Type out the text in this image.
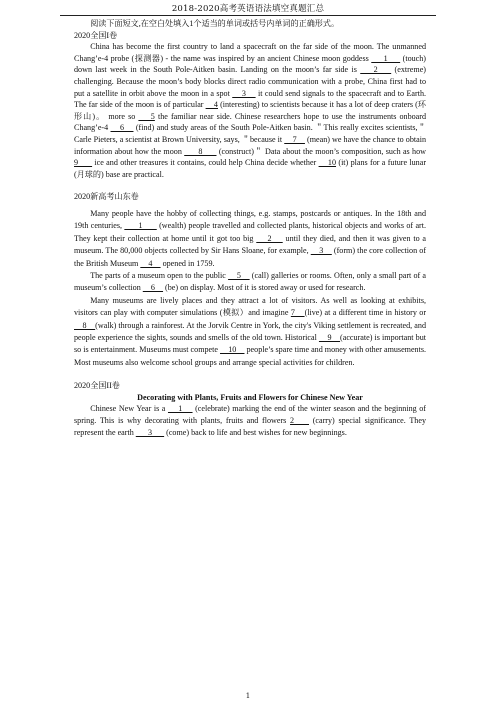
2018-2020高考英语语法填空真题汇总

阅读下面短文,在空白处填入1个适当的单词或括号内单词的正确形式。

2020全国I卷

China has become the first country to land a spacecraft on the far side of the moon. The unmanned Chang’e-4 probe (探测器) - the name was inspired by an ancient Chinese moon goddess      1      (touch) down last week in the South Pole-Aitken basin. Landing on the moon’s far side is     2     (extreme) challenging. Because the moon’s body blocks direct radio communication with a probe, China first had to put a satellite in orbit above the moon in a spot     3     it could send signals to the spacecraft and to Earth. The far side of the moon is of particular     4 (interesting) to scientists because it has a lot of deep craters (环形山)。 more so     5 the familiar near side. Chinese researchers hope to use the instruments onboard Chang’e-4     6     (find) and study areas of the South Pole-Aitken basin. ＂This really excites scientists,＂ Carle Pieters, a scientist at Brown University, says, ＂because it     7     (mean) we have the chance to obtain information about how the moon       8       (construct)＂ Data about the moon’s composition, such as how 9       ice and other treasures it contains, could help China decide whether     10 (it) plans for a future lunar (月球的) base are practical.

2020新高考山东卷

Many people have the hobby of collecting things, e.g. stamps, postcards or antiques. In the 18th and 19th centuries,       1       (wealth) people travelled and collected plants, historical objects and works of art. They kept their collection at home until it got too big     2     until they died, and then it was given to a museum. The 80,000 objects collected by Sir Hans Sloane, for example,     3     (form) the core collection of the British Museum     4     opened in 1759.

The parts of a museum open to the public     5     (call) galleries or rooms. Often, only a small part of a museum’s collection     6     (be) on display. Most of it is stored away or used for research.

Many museums are lively places and they attract a lot of visitors. As well as looking at exhibits, visitors can play with computer simulations (模拟）and imagine 7    (live) at a different time in history or     8    (walk) through a rainforest. At the Jorvik Centre in York, the city's Viking settlement is recreated, and people experience the sights, sounds and smells of the old town. Historical     9    (accurate) is important but so is entertainment. Museums must compete     10     people’s spare time and money with other amusements. Most museums also welcome school groups and arrange special activities for children.

2020全国II卷
Decorating with Plants, Fruits and Flowers for Chinese New Year

Chinese New Year is a     1     (celebrate) marking the end of the winter season and the beginning of spring. This is why decorating with plants, fruits and flowers 2     (carry) special significance. They represent the earth       3       (come) back to life and best wishes for new beginnings.

1
